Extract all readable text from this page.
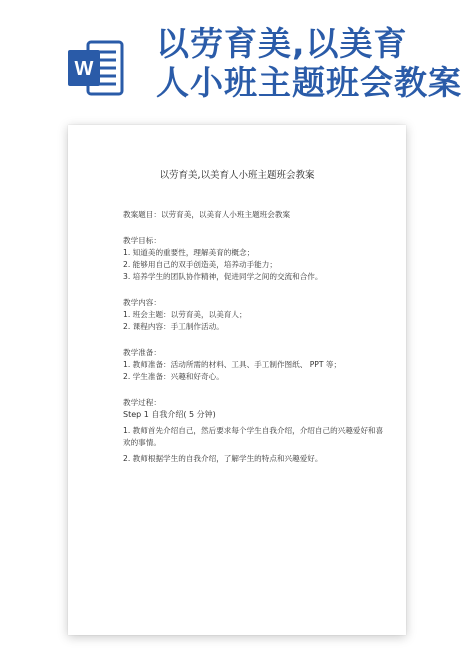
W
以劳育美,以美育
人小班主题班会教案
以劳育美,以美育人小班主题班会教案

教案题目：以劳育美，以美育人小班主题班会教案

教学目标：

1. 知道美的重要性，理解美育的概念；

2. 能够用自己的双手创造美，培养动手能力；

3. 培养学生的团队协作精神，促进同学之间的交流和合作。

教学内容：

1. 班会主题：以劳育美，以美育人；

2. 课程内容：手工制作活动。

教学准备：

1. 教师准备：活动所需的材料、工具、手工制作图纸、 PPT 等；

2. 学生准备：兴趣和好奇心。

教学过程：

Step 1 自我介绍( 5 分钟)

1. 教师首先介绍自己，然后要求每个学生自我介绍，介绍自己的兴趣爱好和喜欢的事情。

2. 教师根据学生的自我介绍，了解学生的特点和兴趣爱好。
